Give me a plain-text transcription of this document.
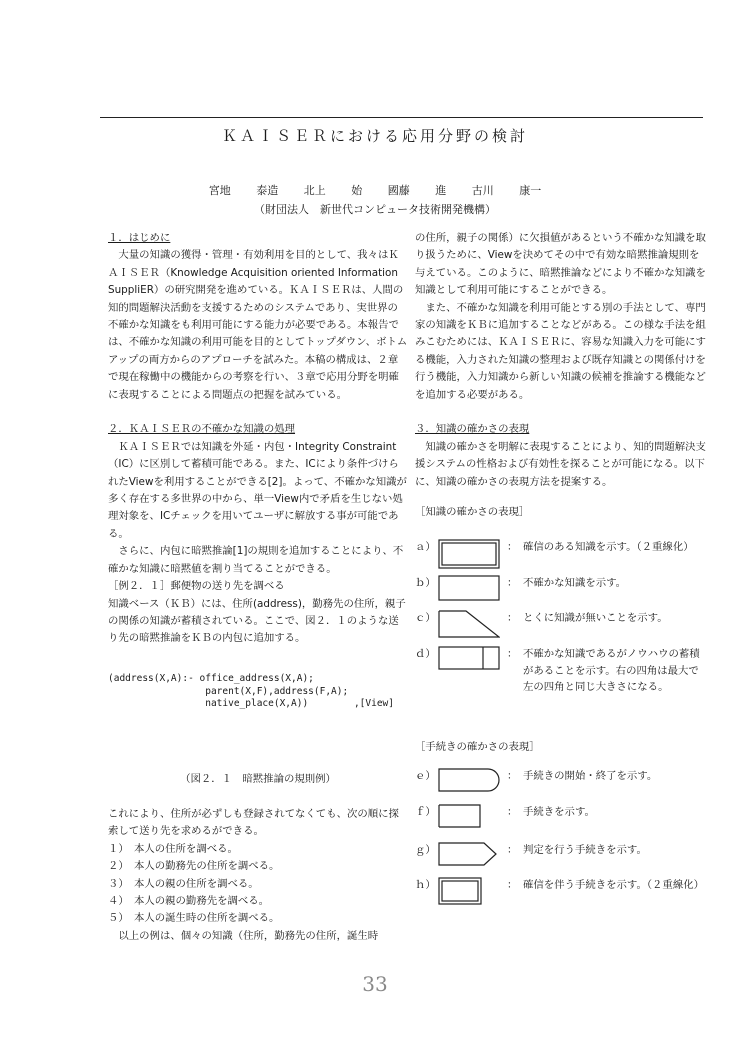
ＫＡＩＳＥＲにおける応用分野の検討
宮地 泰造 北上 始 國藤 進 古川 康一
（財団法人　新世代コンピュータ技術開発機構）
１．はじめに

大量の知識の獲得・管理・有効利用を目的として、我々はＫＡＩＳＥＲ（Knowledge Acquisition oriented Information SuppliER）の研究開発を進めている。ＫＡＩＳＥＲは、人間の知的問題解決活動を支援するためのシステムであり、実世界の不確かな知識をも利用可能にする能力が必要である。本報告では、不確かな知識の利用可能を目的としてトップダウン、ボトムアップの両方からのアプローチを試みた。本稿の構成は、２章で現在稼働中の機能からの考察を行い、３章で応用分野を明確に表現することによる問題点の把握を試みている。

２．ＫＡＩＳＥＲの不確かな知識の処理

ＫＡＩＳＥＲでは知識を外延・内包・Integrity Constraint（IC）に区別して蓄積可能である。また、ICにより条件づけられたViewを利用することができる[2]。よって、不確かな知識が多く存在する多世界の中から、単一View内で矛盾を生じない処理対象を、ICチェックを用いてユーザに解放する事が可能である。

さらに、内包に暗黙推論[1]の規則を追加することにより、不確かな知識に暗黙値を割り当てることができる。

［例２．１］郵便物の送り先を調べる

知識ベース（ＫＢ）には、住所(address)，勤務先の住所，親子の関係の知識が蓄積されている。ここで、図２．１のような送り先の暗黙推論をＫＢの内包に追加する。

(address(X,A):- office_address(X,A);
parent(X,F),address(F,A);
native_place(X,A))        ,[View]
（図２．１　暗黙推論の規則例）

これにより、住所が必ずしも登録されてなくても、次の順に探索して送り先を求めるができる。

１）　本人の住所を調べる。

２）　本人の勤務先の住所を調べる。

３）　本人の親の住所を調べる。

４）　本人の親の勤務先を調べる。

５）　本人の誕生時の住所を調べる。

以上の例は、個々の知識（住所，勤務先の住所，誕生時

の住所，親子の関係）に欠損値があるという不確かな知識を取り扱うために、Viewを決めてその中で有効な暗黙推論規則を与えている。このように、暗黙推論などにより不確かな知識を知識として利用可能にすることができる。

また、不確かな知識を利用可能とする別の手法として、専門家の知識をＫＢに追加することなどがある。この様な手法を組みこむためには、ＫＡＩＳＥＲに、容易な知識入力を可能にする機能，入力された知識の整理および既存知識との関係付けを行う機能，入力知識から新しい知識の候補を推論する機能などを追加する必要がある。

３．知識の確かさの表現

知識の確かさを明解に表現することにより、知的問題解決支援システムの性格および有効性を探ることが可能になる。以下に、知識の確かさの表現方法を提案する。

［知識の確かさの表現］
ａ）	： 確信のある知識を示す。（２重線化）
ｂ）	： 不確かな知識を示す。
ｃ）	： とくに知識が無いことを示す。
ｄ）	： 不確かな知識であるがノウハウの蓄積があることを示す。右の四角は最大で左の四角と同じ大きさになる。
［手続きの確かさの表現］
ｅ）	： 手続きの開始・終了を示す。
ｆ）	： 手続きを示す。
ｇ）	： 判定を行う手続きを示す。
ｈ）	： 確信を伴う手続きを示す。（２重線化）
33
